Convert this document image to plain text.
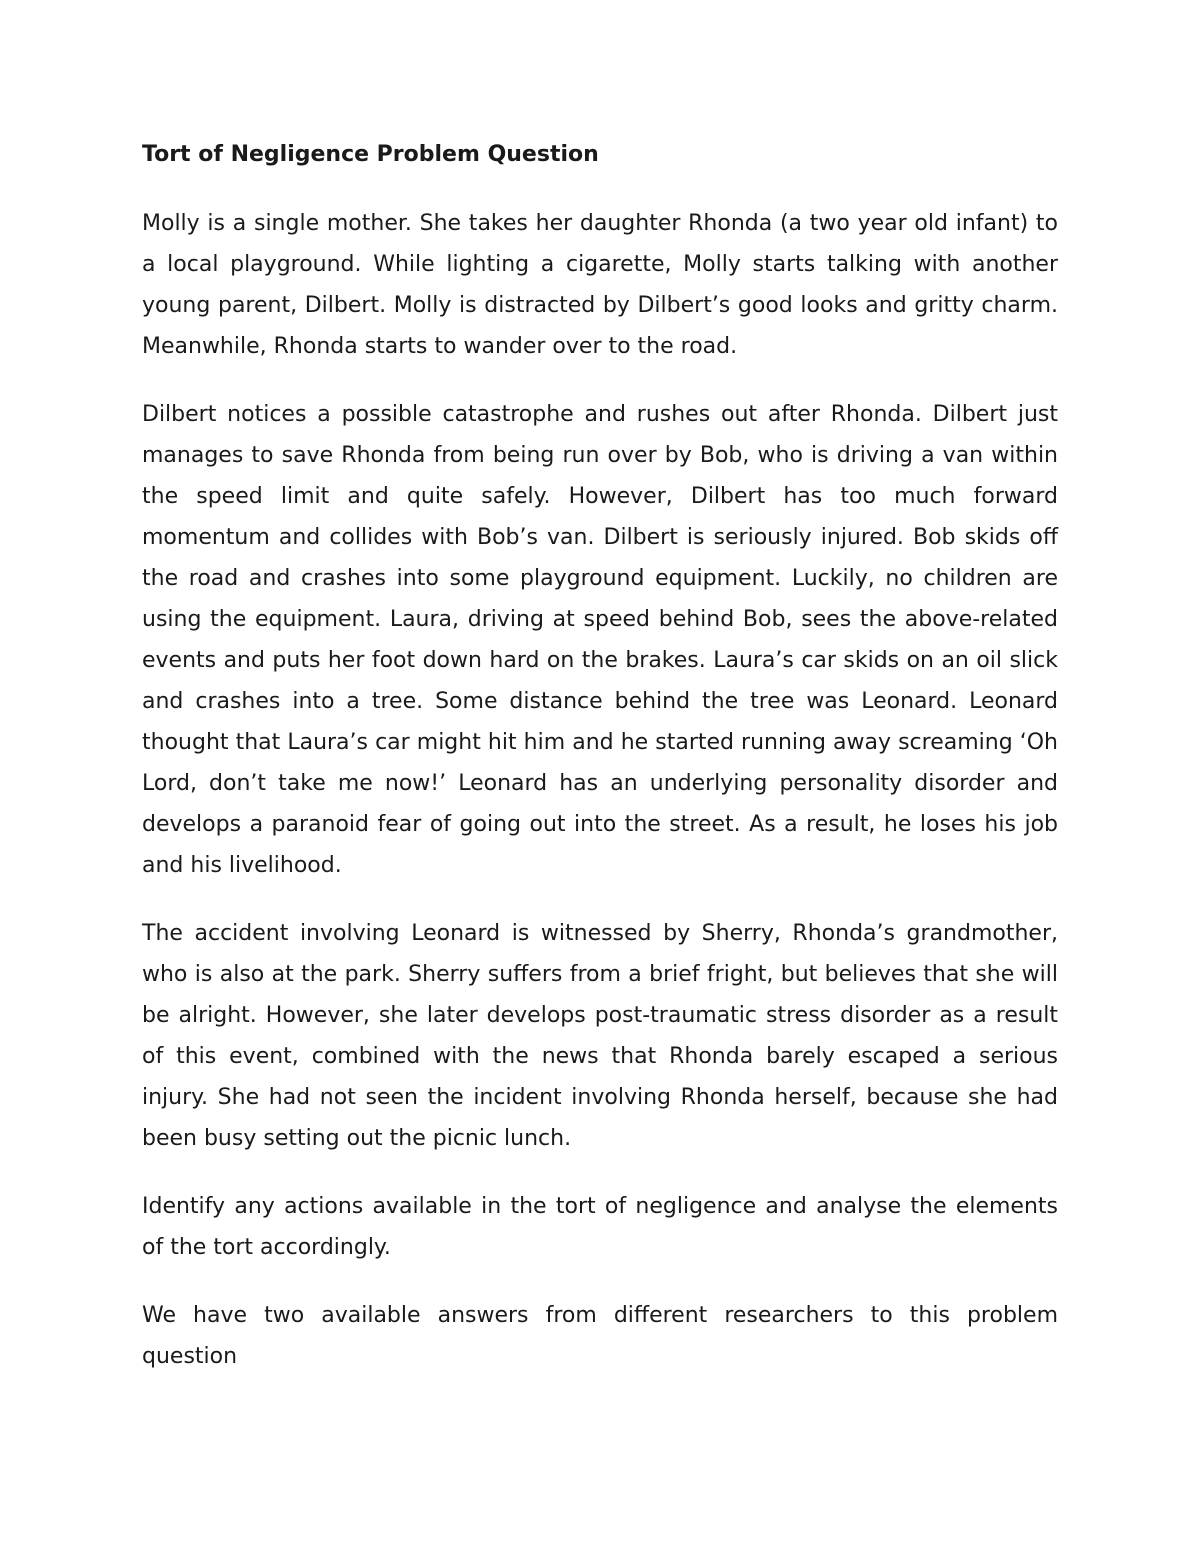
Tort of Negligence Problem Question

Molly is a single mother. She takes her daughter Rhonda (a two year old infant) to a local playground. While lighting a cigarette, Molly starts talking with another young parent, Dilbert. Molly is distracted by Dilbert’s good looks and gritty charm. Meanwhile, Rhonda starts to wander over to the road.

Dilbert notices a possible catastrophe and rushes out after Rhonda. Dilbert just manages to save Rhonda from being run over by Bob, who is driving a van within the speed limit and quite safely. However, Dilbert has too much forward momentum and collides with Bob’s van. Dilbert is seriously injured. Bob skids off the road and crashes into some playground equipment. Luckily, no children are using the equipment. Laura, driving at speed behind Bob, sees the above-related events and puts her foot down hard on the brakes. Laura’s car skids on an oil slick and crashes into a tree. Some distance behind the tree was Leonard. Leonard thought that Laura’s car might hit him and he started running away screaming ‘Oh Lord, don’t take me now!’ Leonard has an underlying personality disorder and develops a paranoid fear of going out into the street. As a result, he loses his job and his livelihood.

The accident involving Leonard is witnessed by Sherry, Rhonda’s grandmother, who is also at the park. Sherry suffers from a brief fright, but believes that she will be alright. However, she later develops post-traumatic stress disorder as a result of this event, combined with the news that Rhonda barely escaped a serious injury. She had not seen the incident involving Rhonda herself, because she had been busy setting out the picnic lunch.

Identify any actions available in the tort of negligence and analyse the elements of the tort accordingly.

We have two available answers from different researchers to this problem question
